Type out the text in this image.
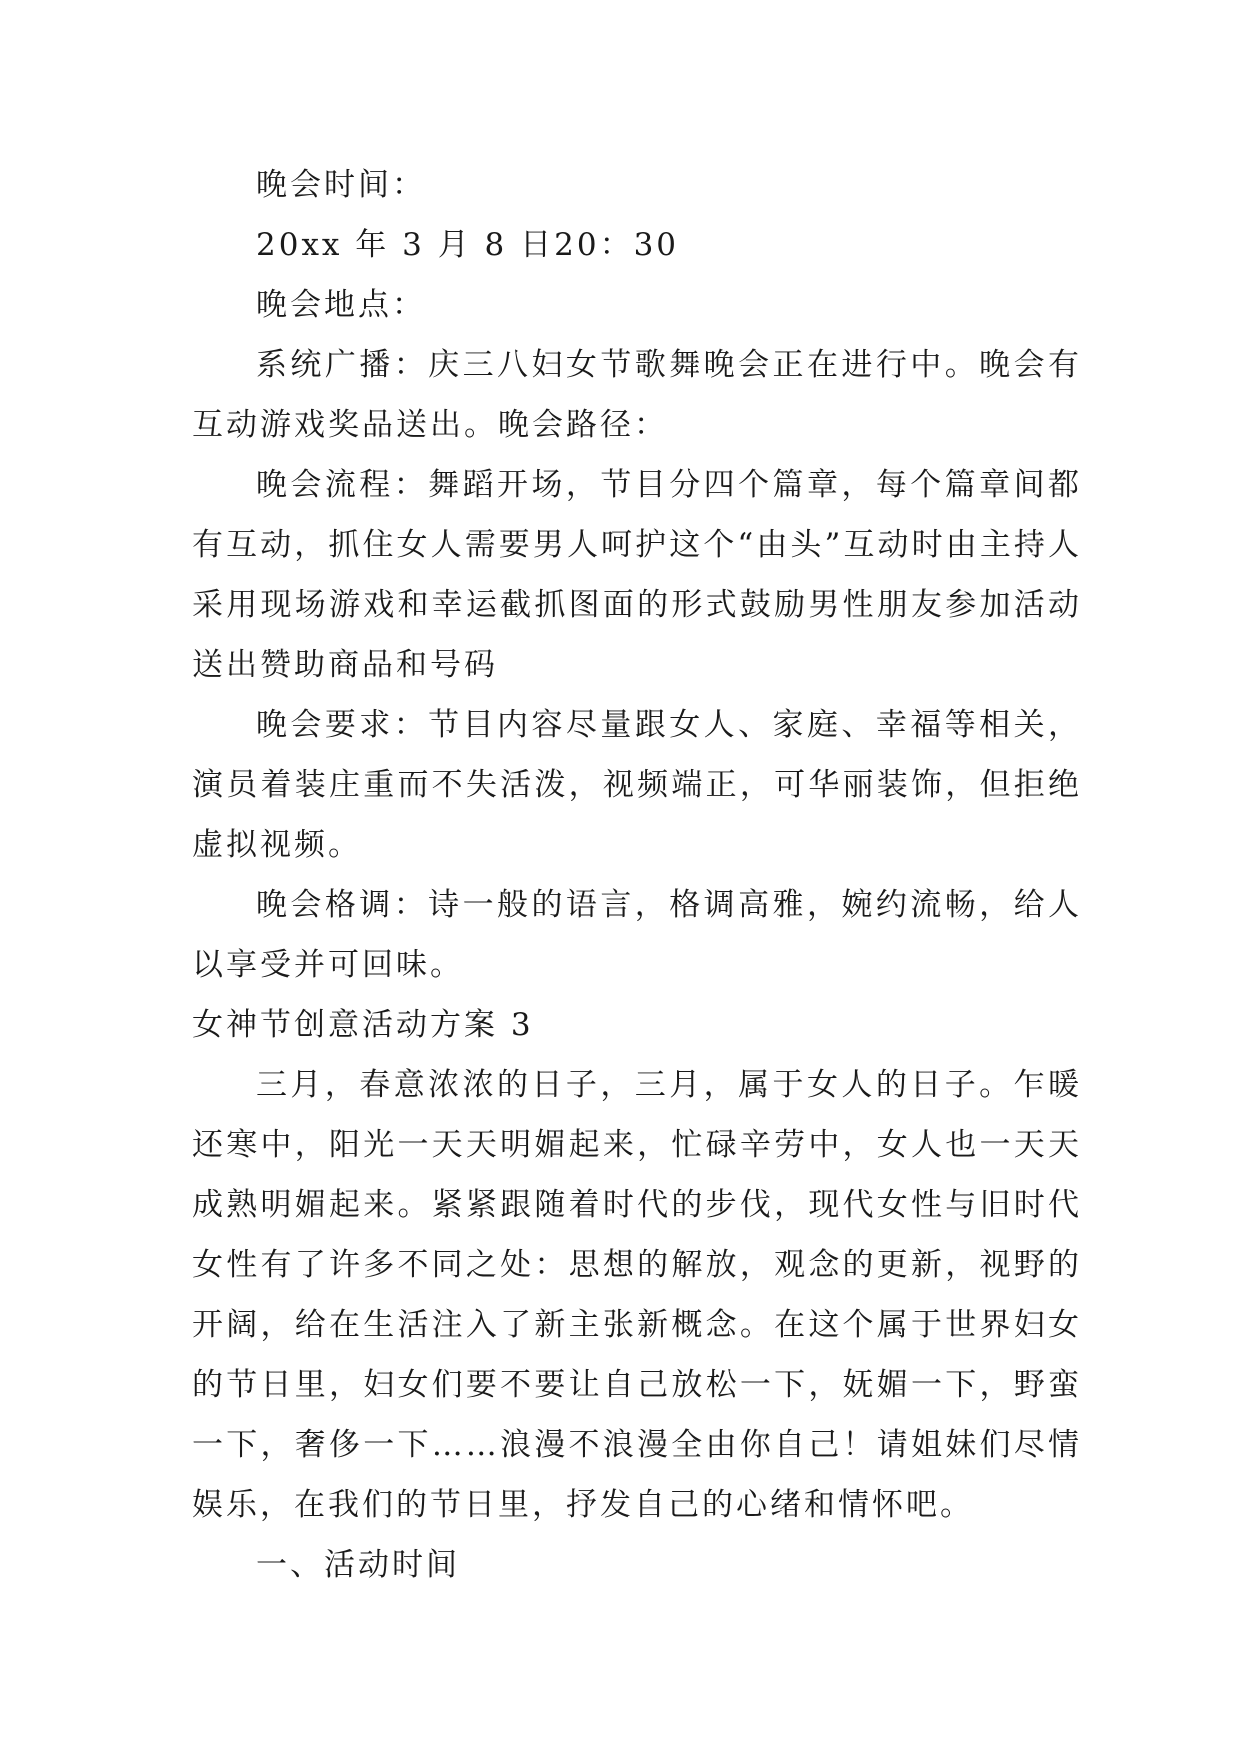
晚会时间：

20xx 年 3 月 8 日20：30

晚会地点：

系统广播：庆三八妇女节歌舞晚会正在进行中。晚会有互动游戏奖品送出。晚会路径：

晚会流程：舞蹈开场，节目分四个篇章，每个篇章间都有互动，抓住女人需要男人呵护这个“由头”互动时由主持人采用现场游戏和幸运截抓图面的形式鼓励男性朋友参加活动送出赞助商品和号码

晚会要求：节目内容尽量跟女人、家庭、幸福等相关，演员着装庄重而不失活泼，视频端正，可华丽装饰，但拒绝虚拟视频。

晚会格调：诗一般的语言，格调高雅，婉约流畅，给人以享受并可回味。

女神节创意活动方案 3

三月，春意浓浓的日子，三月，属于女人的日子。乍暖还寒中，阳光一天天明媚起来，忙碌辛劳中，女人也一天天成熟明媚起来。紧紧跟随着时代的步伐，现代女性与旧时代女性有了许多不同之处：思想的解放，观念的更新，视野的开阔，给在生活注入了新主张新概念。在这个属于世界妇女的节日里，妇女们要不要让自己放松一下，妩媚一下，野蛮一下，奢侈一下……浪漫不浪漫全由你自己！请姐妹们尽情娱乐，在我们的节日里，抒发自己的心绪和情怀吧。

一、活动时间
